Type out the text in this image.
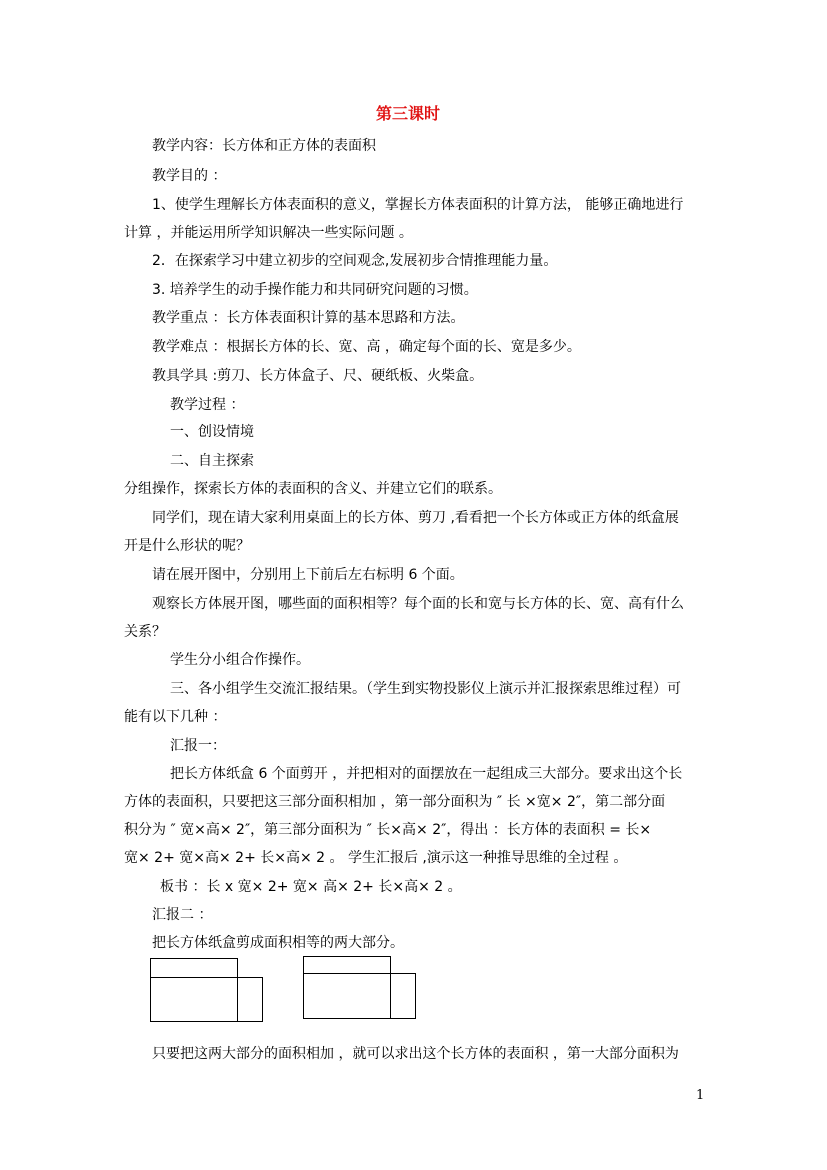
第三课时
教学内容：长方体和正方体的表面积
教学目的 ：
1、使学生理解长方体表面积的意义，掌握长方体表面积的计算方法， 能够正确地进行
计算 ，并能运用所学知识解决一些实际问题 。
2．在探索学习中建立初步的空间观念,发展初步合情推理能力量。
3. 培养学生的动手操作能力和共同研究问题的习惯。
教学重点 ：长方体表面积计算的基本思路和方法。
教学难点 ：根据长方体的长、宽、高 ，确定每个面的长、宽是多少。
教具学具 :剪刀、长方体盒子、尺、硬纸板、火柴盒。
教学过程 ：
一、创设情境
二、自主探索
分组操作，探索长方体的表面积的含义、并建立它们的联系。
同学们，现在请大家利用桌面上的长方体、剪刀 ,看看把一个长方体或正方体的纸盒展
开是什么形状的呢？
请在展开图中，分别用上下前后左右标明 6 个面。
观察长方体展开图，哪些面的面积相等？每个面的长和宽与长方体的长、宽、高有什么
关系？
学生分小组合作操作。
三、各小组学生交流汇报结果。（学生到实物投影仪上演示并汇报探索思维过程）可
能有以下几种 ：
汇报一：
把长方体纸盒 6 个面剪开 ，并把相对的面摆放在一起组成三大部分。要求出这个长
方体的表面积，只要把这三部分面积相加 ，第一部分面积为 ″ 长 ×宽× 2″，第二部分面
积分为 ″ 宽×高× 2″，第三部分面积为 ″ 长×高× 2″，得出 ：长方体的表面积 = 长×
宽× 2+ 宽×高× 2+ 长×高× 2 。 学生汇报后 ,演示这一种推导思维的全过程 。
板书 ：长 x 宽× 2+ 宽× 高× 2+ 长×高× 2 。
汇报二 ：
把长方体纸盒剪成面积相等的两大部分。
只要把这两大部分的面积相加 ，就可以求出这个长方体的表面积 ，第一大部分面积为
1
